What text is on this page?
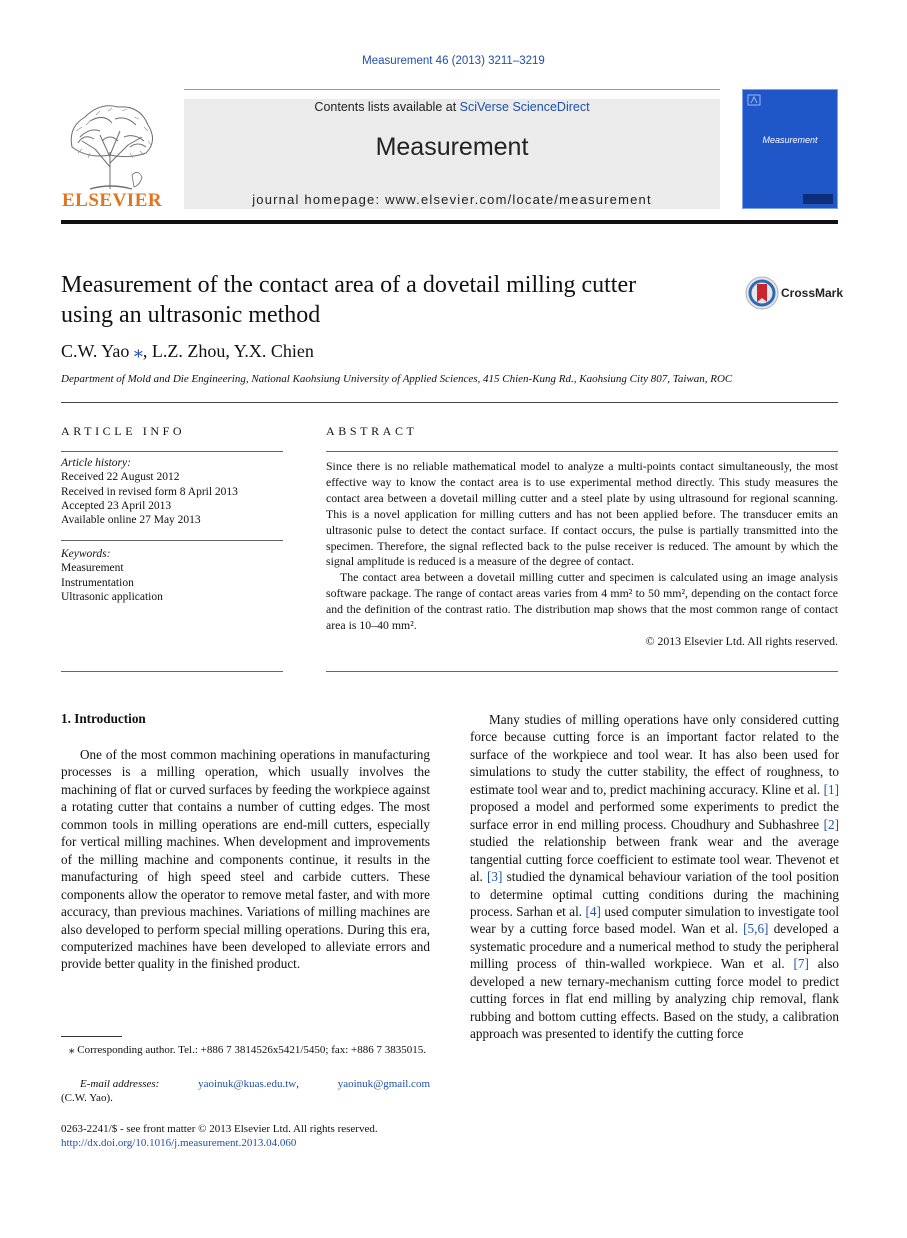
Measurement 46 (2013) 3211–3219
ELSEVIER
Contents lists available at SciVerse ScienceDirect
Measurement
journal homepage: www.elsevier.com/locate/measurement
Measurement
Measurement of the contact area of a dovetail milling cutter
using an ultrasonic method
CrossMark
C.W. Yao ⁎, L.Z. Zhou, Y.X. Chien
Department of Mold and Die Engineering, National Kaohsiung University of Applied Sciences, 415 Chien-Kung Rd., Kaohsiung City 807, Taiwan, ROC
ARTICLE INFO
Article history:
Received 22 August 2012
Received in revised form 8 April 2013
Accepted 23 April 2013
Available online 27 May 2013
Keywords:
Measurement
Instrumentation
Ultrasonic application
ABSTRACT

Since there is no reliable mathematical model to analyze a multi-points contact simultaneously, the most effective way to know the contact area is to use experimental method directly. This study measures the contact area between a dovetail milling cutter and a steel plate by using ultrasound for regional scanning. This is a novel application for milling cutters and has not been applied before. The transducer emits an ultrasonic pulse to detect the contact surface. If contact occurs, the pulse is partially transmitted into the specimen. Therefore, the signal reflected back to the pulse receiver is reduced. The amount by which the signal amplitude is reduced is a measure of the degree of contact.

The contact area between a dovetail milling cutter and specimen is calculated using an image analysis software package. The range of contact areas varies from 4 mm² to 50 mm², depending on the contact force and the definition of the contrast ratio. The distribution map shows that the most common range of contact area is 10–40 mm².

© 2013 Elsevier Ltd. All rights reserved.

1. Introduction

One of the most common machining operations in manufacturing processes is a milling operation, which usually involves the machining of flat or curved surfaces by feeding the workpiece against a rotating cutter that contains a number of cutting edges. The most common tools in milling operations are end-mill cutters, especially for vertical milling machines. When development and improvements of the milling machine and components continue, it results in the manufacturing of high speed steel and carbide cutters. These components allow the operator to remove metal faster, and with more accuracy, than previous machines. Variations of milling machines are also developed to perform special milling operations. During this era, computerized machines have been developed to alleviate errors and provide better quality in the finished product.

Many studies of milling operations have only considered cutting force because cutting force is an important factor related to the surface of the workpiece and tool wear. It has also been used for simulations to study the cutter stability, the effect of roughness, to estimate tool wear and to, predict machining accuracy. Kline et al. [1] proposed a model and performed some experiments to predict the surface error in end milling process. Choudhury and Subhashree [2] studied the relationship between frank wear and the average tangential cutting force coefficient to estimate tool wear. Thevenot et al. [3] studied the dynamical behaviour variation of the tool position to determine optimal cutting conditions during the machining process. Sarhan et al. [4] used computer simulation to investigate tool wear by a cutting force based model. Wan et al. [5,6] developed a systematic procedure and a numerical method to study the peripheral milling process of thin-walled workpiece. Wan et al. [7] also developed a new ternary-mechanism cutting force model to predict cutting forces in flat end milling by analyzing chip removal, flank rubbing and bottom cutting effects. Based on the study, a calibration approach was presented to identify the cutting force

⁎ Corresponding author. Tel.: +886 7 3814526x5421/5450; fax: +886 7 3835015.
E-mail addresses:	yaoinuk@kuas.edu.tw,	yaoinuk@gmail.com
(C.W. Yao).
0263-2241/$ - see front matter © 2013 Elsevier Ltd. All rights reserved.
http://dx.doi.org/10.1016/j.measurement.2013.04.060
